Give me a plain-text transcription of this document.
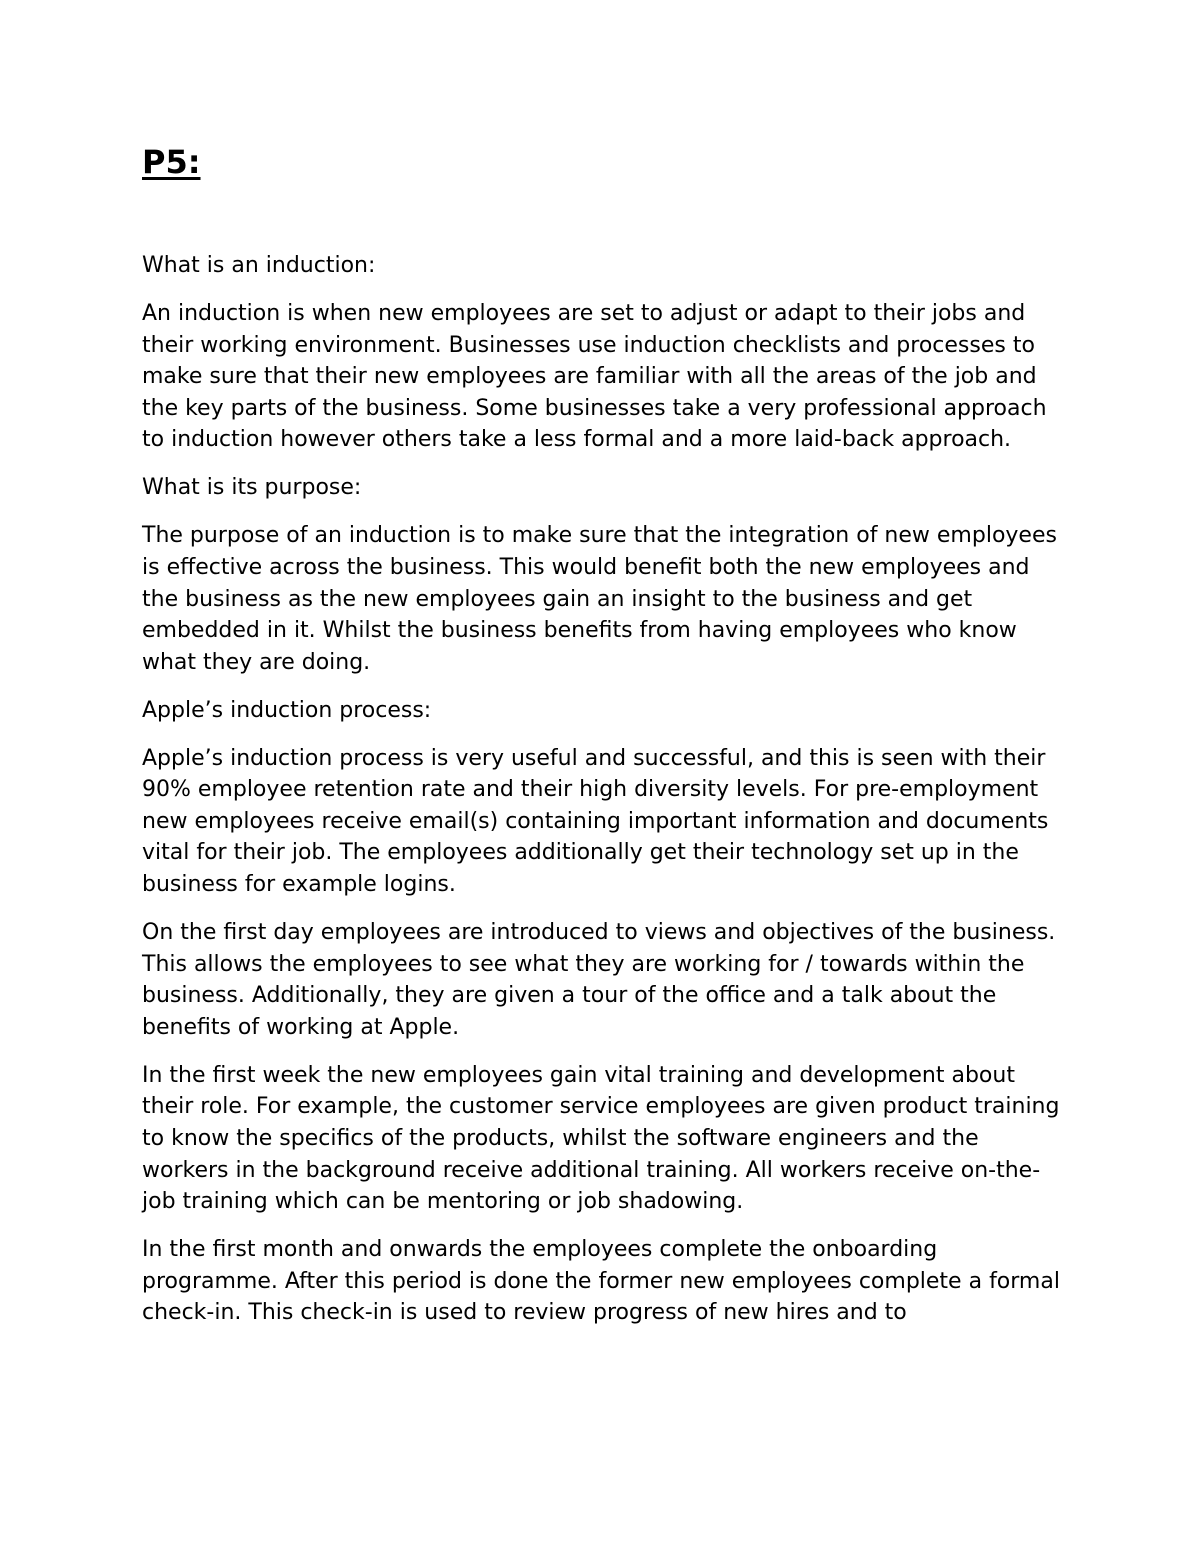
P5:
What is an induction:
An induction is when new employees are set to adjust or adapt to their jobs and their working environment. Businesses use induction checklists and processes to make sure that their new employees are familiar with all the areas of the job and the key parts of the business. Some businesses take a very professional approach to induction however others take a less formal and a more laid-back approach.
What is its purpose:
The purpose of an induction is to make sure that the integration of new employees is effective across the business. This would benefit both the new employees and the business as the new employees gain an insight to the business and get embedded in it. Whilst the business benefits from having employees who know what they are doing.
Apple’s induction process:
Apple’s induction process is very useful and successful, and this is seen with their 90% employee retention rate and their high diversity levels. For pre-employment new employees receive email(s) containing important information and documents vital for their job. The employees additionally get their technology set up in the business for example logins.
On the first day employees are introduced to views and objectives of the business. This allows the employees to see what they are working for / towards within the business. Additionally, they are given a tour of the office and a talk about the benefits of working at Apple.
In the first week the new employees gain vital training and development about their role. For example, the customer service employees are given product training to know the specifics of the products, whilst the software engineers and the workers in the background receive additional training. All workers receive on-the-job training which can be mentoring or job shadowing.
In the first month and onwards the employees complete the onboarding programme. After this period is done the former new employees complete a formal check-in. This check-in is used to review progress of new hires and to
